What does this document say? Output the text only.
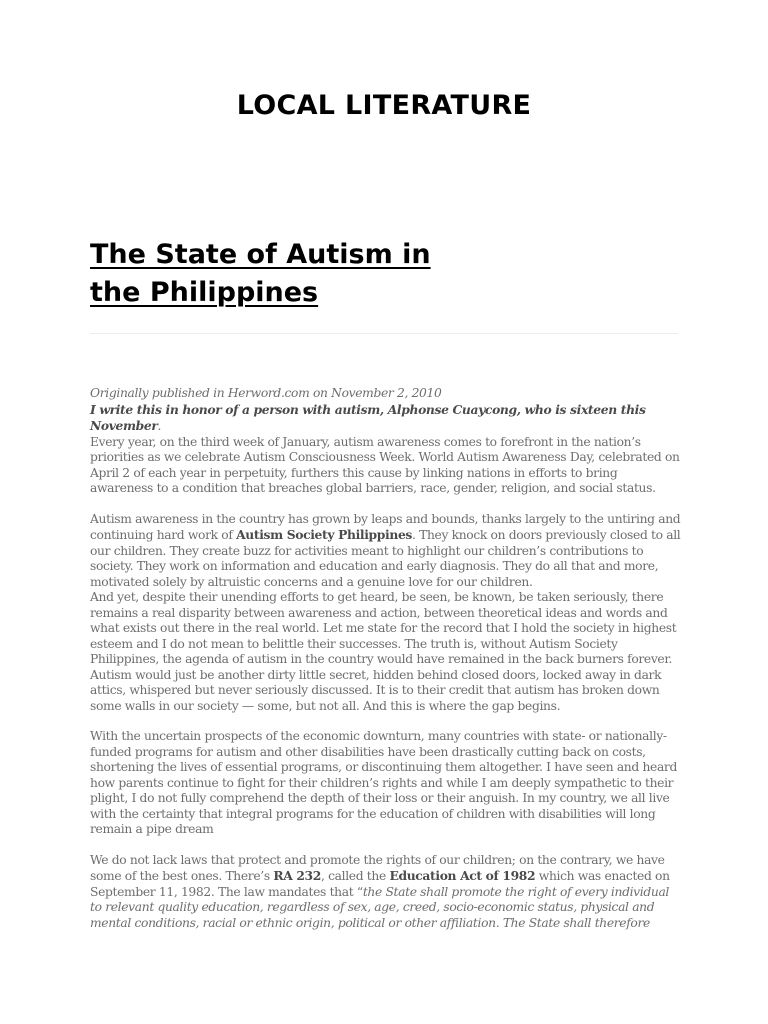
LOCAL LITERATURE
The State of Autism in
the Philippines

Originally published in Herword.com on November 2, 2010

I write this in honor of a person with autism, Alphonse Cuaycong, who is sixteen this November.

Every year, on the third week of January, autism awareness comes to forefront in the nation’s priorities as we celebrate Autism Consciousness Week. World Autism Awareness Day, celebrated on April 2 of each year in perpetuity, furthers this cause by linking nations in efforts to bring awareness to a condition that breaches global barriers, race, gender, religion, and social status.

Autism awareness in the country has grown by leaps and bounds, thanks largely to the untiring and continuing hard work of Autism Society Philippines. They knock on doors previously closed to all our children. They create buzz for activities meant to highlight our children’s contributions to society. They work on information and education and early diagnosis. They do all that and more, motivated solely by altruistic concerns and a genuine love for our children.

And yet, despite their unending efforts to get heard, be seen, be known, be taken seriously, there remains a real disparity between awareness and action, between theoretical ideas and words and what exists out there in the real world. Let me state for the record that I hold the society in highest esteem and I do not mean to belittle their successes. The truth is, without Autism Society Philippines, the agenda of autism in the country would have remained in the back burners forever. Autism would just be another dirty little secret, hidden behind closed doors, locked away in dark attics, whispered but never seriously discussed. It is to their credit that autism has broken down some walls in our society — some, but not all. And this is where the gap begins.

With the uncertain prospects of the economic downturn, many countries with state- or nationally-funded programs for autism and other disabilities have been drastically cutting back on costs, shortening the lives of essential programs, or discontinuing them altogether. I have seen and heard how parents continue to fight for their children’s rights and while I am deeply sympathetic to their plight, I do not fully comprehend the depth of their loss or their anguish. In my country, we all live with the certainty that integral programs for the education of children with disabilities will long remain a pipe dream

We do not lack laws that protect and promote the rights of our children; on the contrary, we have some of the best ones. There’s RA 232, called the Education Act of 1982 which was enacted on September 11, 1982. The law mandates that “the State shall promote the right of every individual to relevant quality education, regardless of sex, age, creed, socio-economic status, physical and mental conditions, racial or ethnic origin, political or other affiliation. The State shall therefore
